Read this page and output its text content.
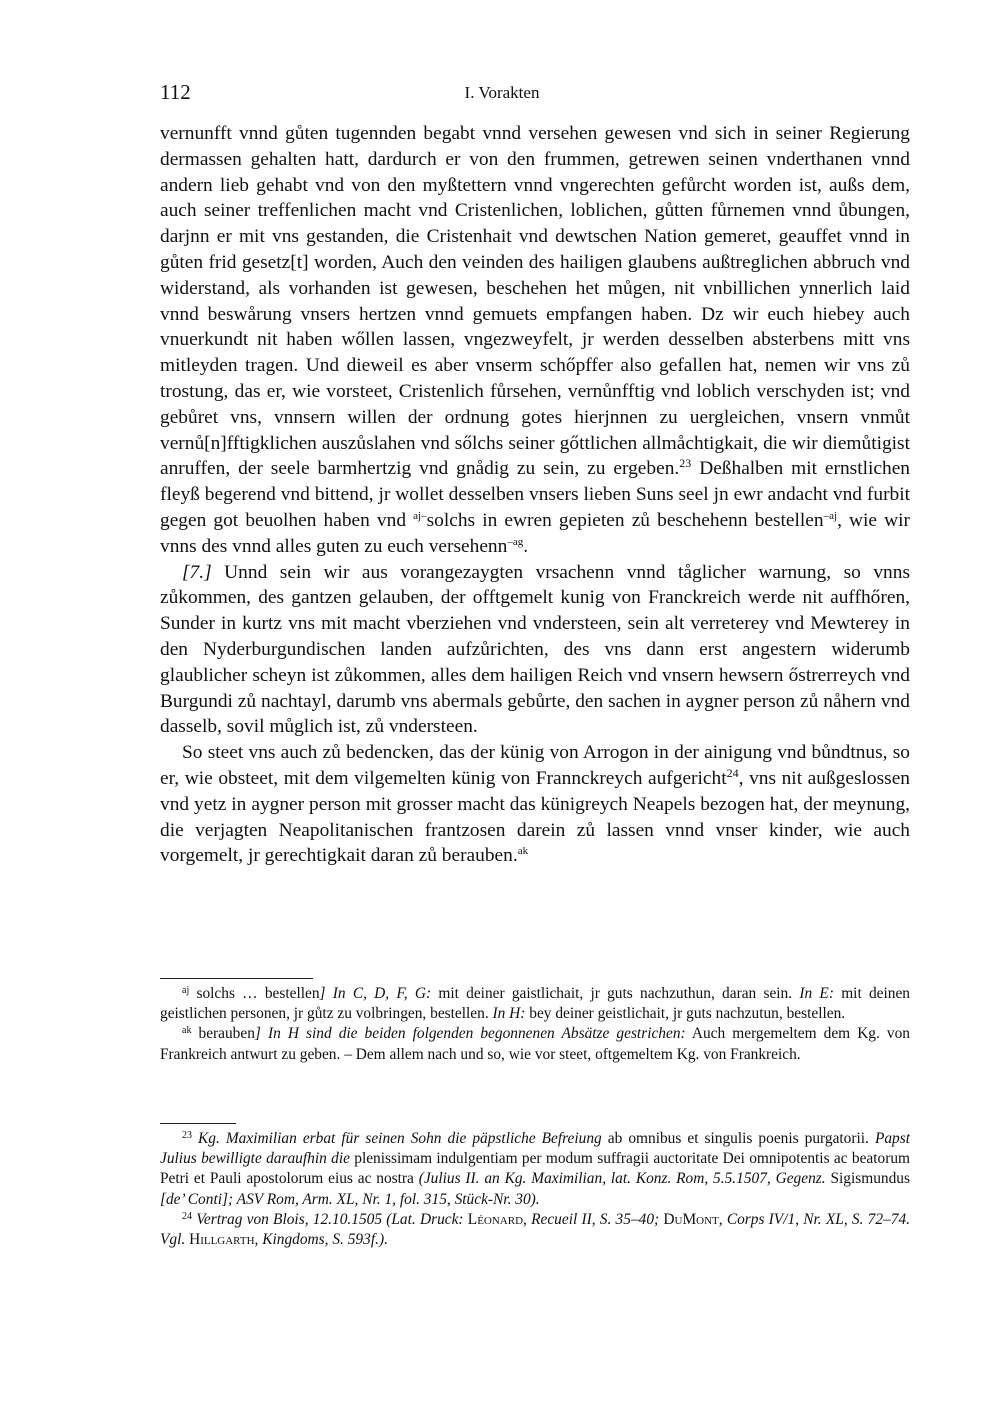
112	I. Vorakten

vernunfft vnnd gůten tugennden begabt vnnd versehen gewesen vnd sich in seiner Regierung dermassen gehalten hatt, dardurch er von den frummen, getrewen seinen vnderthanen vnnd andern lieb gehabt vnd von den myßtettern vnnd vngerechten gefůrcht worden ist, außs dem, auch seiner treffenlichen macht vnd Cristenlichen, loblichen, gůtten fůrnemen vnnd ůbungen, darjnn er mit vns gestanden, die Cristenhait vnd dewtschen Nation gemeret, geauffet vnnd in gůten frid gesetz[t] worden, Auch den veinden des hailigen glaubens außtreglichen abbruch vnd widerstand, als vorhanden ist gewesen, beschehen het můgen, nit vnbillichen ynnerlich laid vnnd beswårung vnsers hertzen vnnd gemuets empfangen haben. Dz wir euch hiebey auch vnuerkundt nit haben wőllen lassen, vngezweyfelt, jr werden desselben absterbens mitt vns mitleyden tragen. Und dieweil es aber vnserm schőpffer also gefallen hat, nemen wir vns zů trostung, das er, wie vorsteet, Cristenlich fůrsehen, vernůnfftig vnd loblich verschyden ist; vnd gebůret vns, vnnsern willen der ordnung gotes hierjnnen zu uergleichen, vnsern vnmůt vernů[n]fftigklichen auszůslahen vnd sőlchs seiner gőttlichen allmåchtigkait, die wir diemůtigist anruffen, der seele barmhertzig vnd gnådig zu sein, zu ergeben.$^{23}$ Deßhalben mit ernstlichen fleyß begerend vnd bittend, jr wollet desselben vnsers lieben Suns seel jn ewr andacht vnd furbit gegen got beuolhen haben vnd $^{aj-}$solchs in ewren gepieten zů beschehenn bestellen$^{-aj}$, wie wir vnns des vnnd alles guten zu euch versehenn$^{-ag}$.

[7.] Unnd sein wir aus vorangezaygten vrsachenn vnnd tåglicher warnung, so vnns zůkommen, des gantzen gelauben, der offtgemelt kunig von Franckreich werde nit auffhőren, Sunder in kurtz vns mit macht vberziehen vnd vndersteen, sein alt verreterey vnd Mewterey in den Nyderburgundischen landen aufzůrichten, des vns dann erst angestern widerumb glaublicher scheyn ist zůkommen, alles dem hailigen Reich vnd vnsern hewsern őstrerreych vnd Burgundi zů nachtayl, darumb vns abermals gebůrte, den sachen in aygner person zů nåhern vnd dasselb, sovil můglich ist, zů vndersteen.

So steet vns auch zů bedencken, das der künig von Arrogon in der ainigung vnd bůndtnus, so er, wie obsteet, mit dem vilgemelten künig von Frannckreych aufgericht$^{24}$, vns nit außgeslossen vnd yetz in aygner person mit grosser macht das künigreych Neapels bezogen hat, der meynung, die verjagten Neapolitanischen frantzosen darein zů lassen vnnd vnser kinder, wie auch vorgemelt, jr gerechtigkait daran zů berauben.$^{ak}$

$^{aj}$ solchs … bestellen] In C, D, F, G: mit deiner gaistlichait, jr guts nachzuthun, daran sein. In E: mit deinen geistlichen personen, jr gůtz zu volbringen, bestellen. In H: bey deiner geistlichait, jr guts nachzutun, bestellen.

$^{ak}$ berauben] In H sind die beiden folgenden begonnenen Absätze gestrichen: Auch mergemeltem dem Kg. von Frankreich antwurt zu geben. – Dem allem nach und so, wie vor steet, oftgemeltem Kg. von Frankreich.

$^{23}$ Kg. Maximilian erbat für seinen Sohn die päpstliche Befreiung ab omnibus et singulis poenis purgatorii. Papst Julius bewilligte daraufhin die plenissimam indulgentiam per modum suffragii auctoritate Dei omnipotentis ac beatorum Petri et Pauli apostolorum eius ac nostra (Julius II. an Kg. Maximilian, lat. Konz. Rom, 5.5.1507, Gegenz. Sigismundus [de’ Conti]; ASV Rom, Arm. XL, Nr. 1, fol. 315, Stück-Nr. 30).

$^{24}$ Vertrag von Blois, 12.10.1505 (Lat. Druck: Léonard, Recueil II, S. 35–40; DuMont, Corps IV/1, Nr. XL, S. 72–74. Vgl. Hillgarth, Kingdoms, S. 593f.).
